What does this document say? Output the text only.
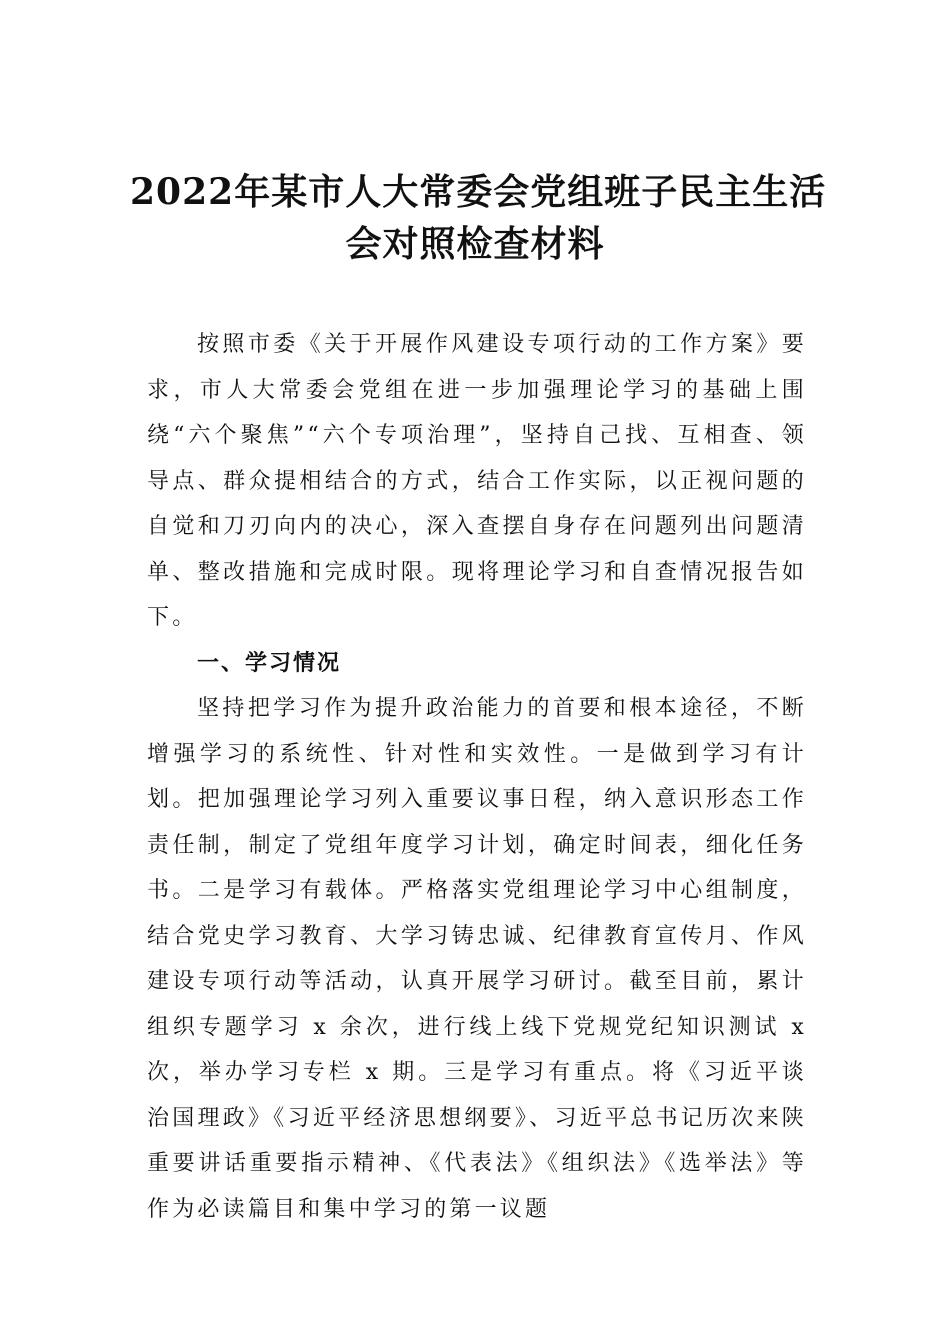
2022年某市人大常委会党组班子民主生活
会对照检查材料

按照市委《关于开展作风建设专项行动的工作方案》要求，市人大常委会党组在进一步加强理论学习的基础上围绕“六个聚焦”“六个专项治理”，坚持自己找、互相查、领导点、群众提相结合的方式，结合工作实际，以正视问题的自觉和刀刃向内的决心，深入查摆自身存在问题列出问题清单、整改措施和完成时限。现将理论学习和自查情况报告如下。

一、学习情况

坚持把学习作为提升政治能力的首要和根本途径，不断增强学习的系统性、针对性和实效性。一是做到学习有计划。把加强理论学习列入重要议事日程，纳入意识形态工作责任制，制定了党组年度学习计划，确定时间表，细化任务书。二是学习有载体。严格落实党组理论学习中心组制度，结合党史学习教育、大学习铸忠诚、纪律教育宣传月、作风建设专项行动等活动，认真开展学习研讨。截至目前，累计组织专题学习 x 余次，进行线上线下党规党纪知识测试 x 次，举办学习专栏 x 期。三是学习有重点。将《习近平谈治国理政》《习近平经济思想纲要》、习近平总书记历次来陕重要讲话重要指示精神、《代表法》《组织法》《选举法》等作为必读篇目和集中学习的第一议题
